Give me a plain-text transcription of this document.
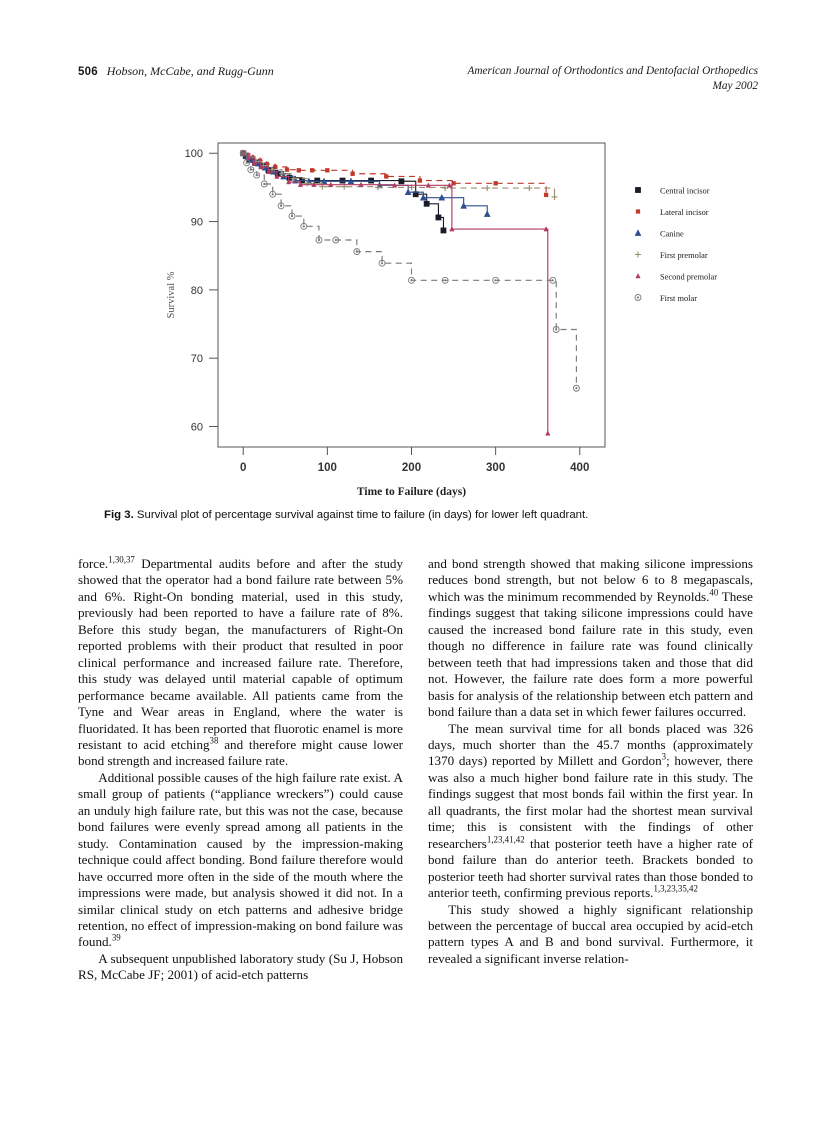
506 Hobson, McCabe, and Rugg-Gunn	American Journal of Orthodontics and Dentofacial Orthopedics
May 2002
100
90
80
70
60
0	100	200	300	400
Time to Failure (days)
Survival %
Central incisor
Lateral incisor
Canine
First premolar
Second premolar
First molar
Fig 3. Survival plot of percentage survival against time to failure (in days) for lower left quadrant.

force.$^{1,30,37}$ Departmental audits before and after the study showed that the operator had a bond failure rate between 5% and 6%. Right-On bonding material, used in this study, previously had been reported to have a failure rate of 8%. Before this study began, the manufacturers of Right-On reported problems with their product that resulted in poor clinical performance and increased failure rate. Therefore, this study was delayed until material capable of optimum performance became available. All patients came from the Tyne and Wear areas in England, where the water is fluoridated. It has been reported that fluorotic enamel is more resistant to acid etching$^{38}$ and therefore might cause lower bond strength and increased failure rate.

Additional possible causes of the high failure rate exist. A small group of patients (“appliance wreckers”) could cause an unduly high failure rate, but this was not the case, because bond failures were evenly spread among all patients in the study. Contamination caused by the impression-making technique could affect bonding. Bond failure therefore would have occurred more often in the side of the mouth where the impressions were made, but analysis showed it did not. In a similar clinical study on etch patterns and adhesive bridge retention, no effect of impression-making on bond failure was found.$^{39}$

A subsequent unpublished laboratory study (Su J, Hobson RS, McCabe JF; 2001) of acid-etch patterns

and bond strength showed that making silicone impressions reduces bond strength, but not below 6 to 8 megapascals, which was the minimum recommended by Reynolds.$^{40}$ These findings suggest that taking silicone impressions could have caused the increased bond failure rate in this study, even though no difference in failure rate was found clinically between teeth that had impressions taken and those that did not. However, the failure rate does form a more powerful basis for analysis of the relationship between etch pattern and bond failure than a data set in which fewer failures occurred.

The mean survival time for all bonds placed was 326 days, much shorter than the 45.7 months (approximately 1370 days) reported by Millett and Gordon$^3$; however, there was also a much higher bond failure rate in this study. The findings suggest that most bonds fail within the first year. In all quadrants, the first molar had the shortest mean survival time; this is consistent with the findings of other researchers$^{1,23,41,42}$ that posterior teeth have a higher rate of bond failure than do anterior teeth. Brackets bonded to posterior teeth had shorter survival rates than those bonded to anterior teeth, confirming previous reports.$^{1,3,23,35,42}$

This study showed a highly significant relationship between the percentage of buccal area occupied by acid-etch pattern types A and B and bond survival. Furthermore, it revealed a significant inverse relation-
